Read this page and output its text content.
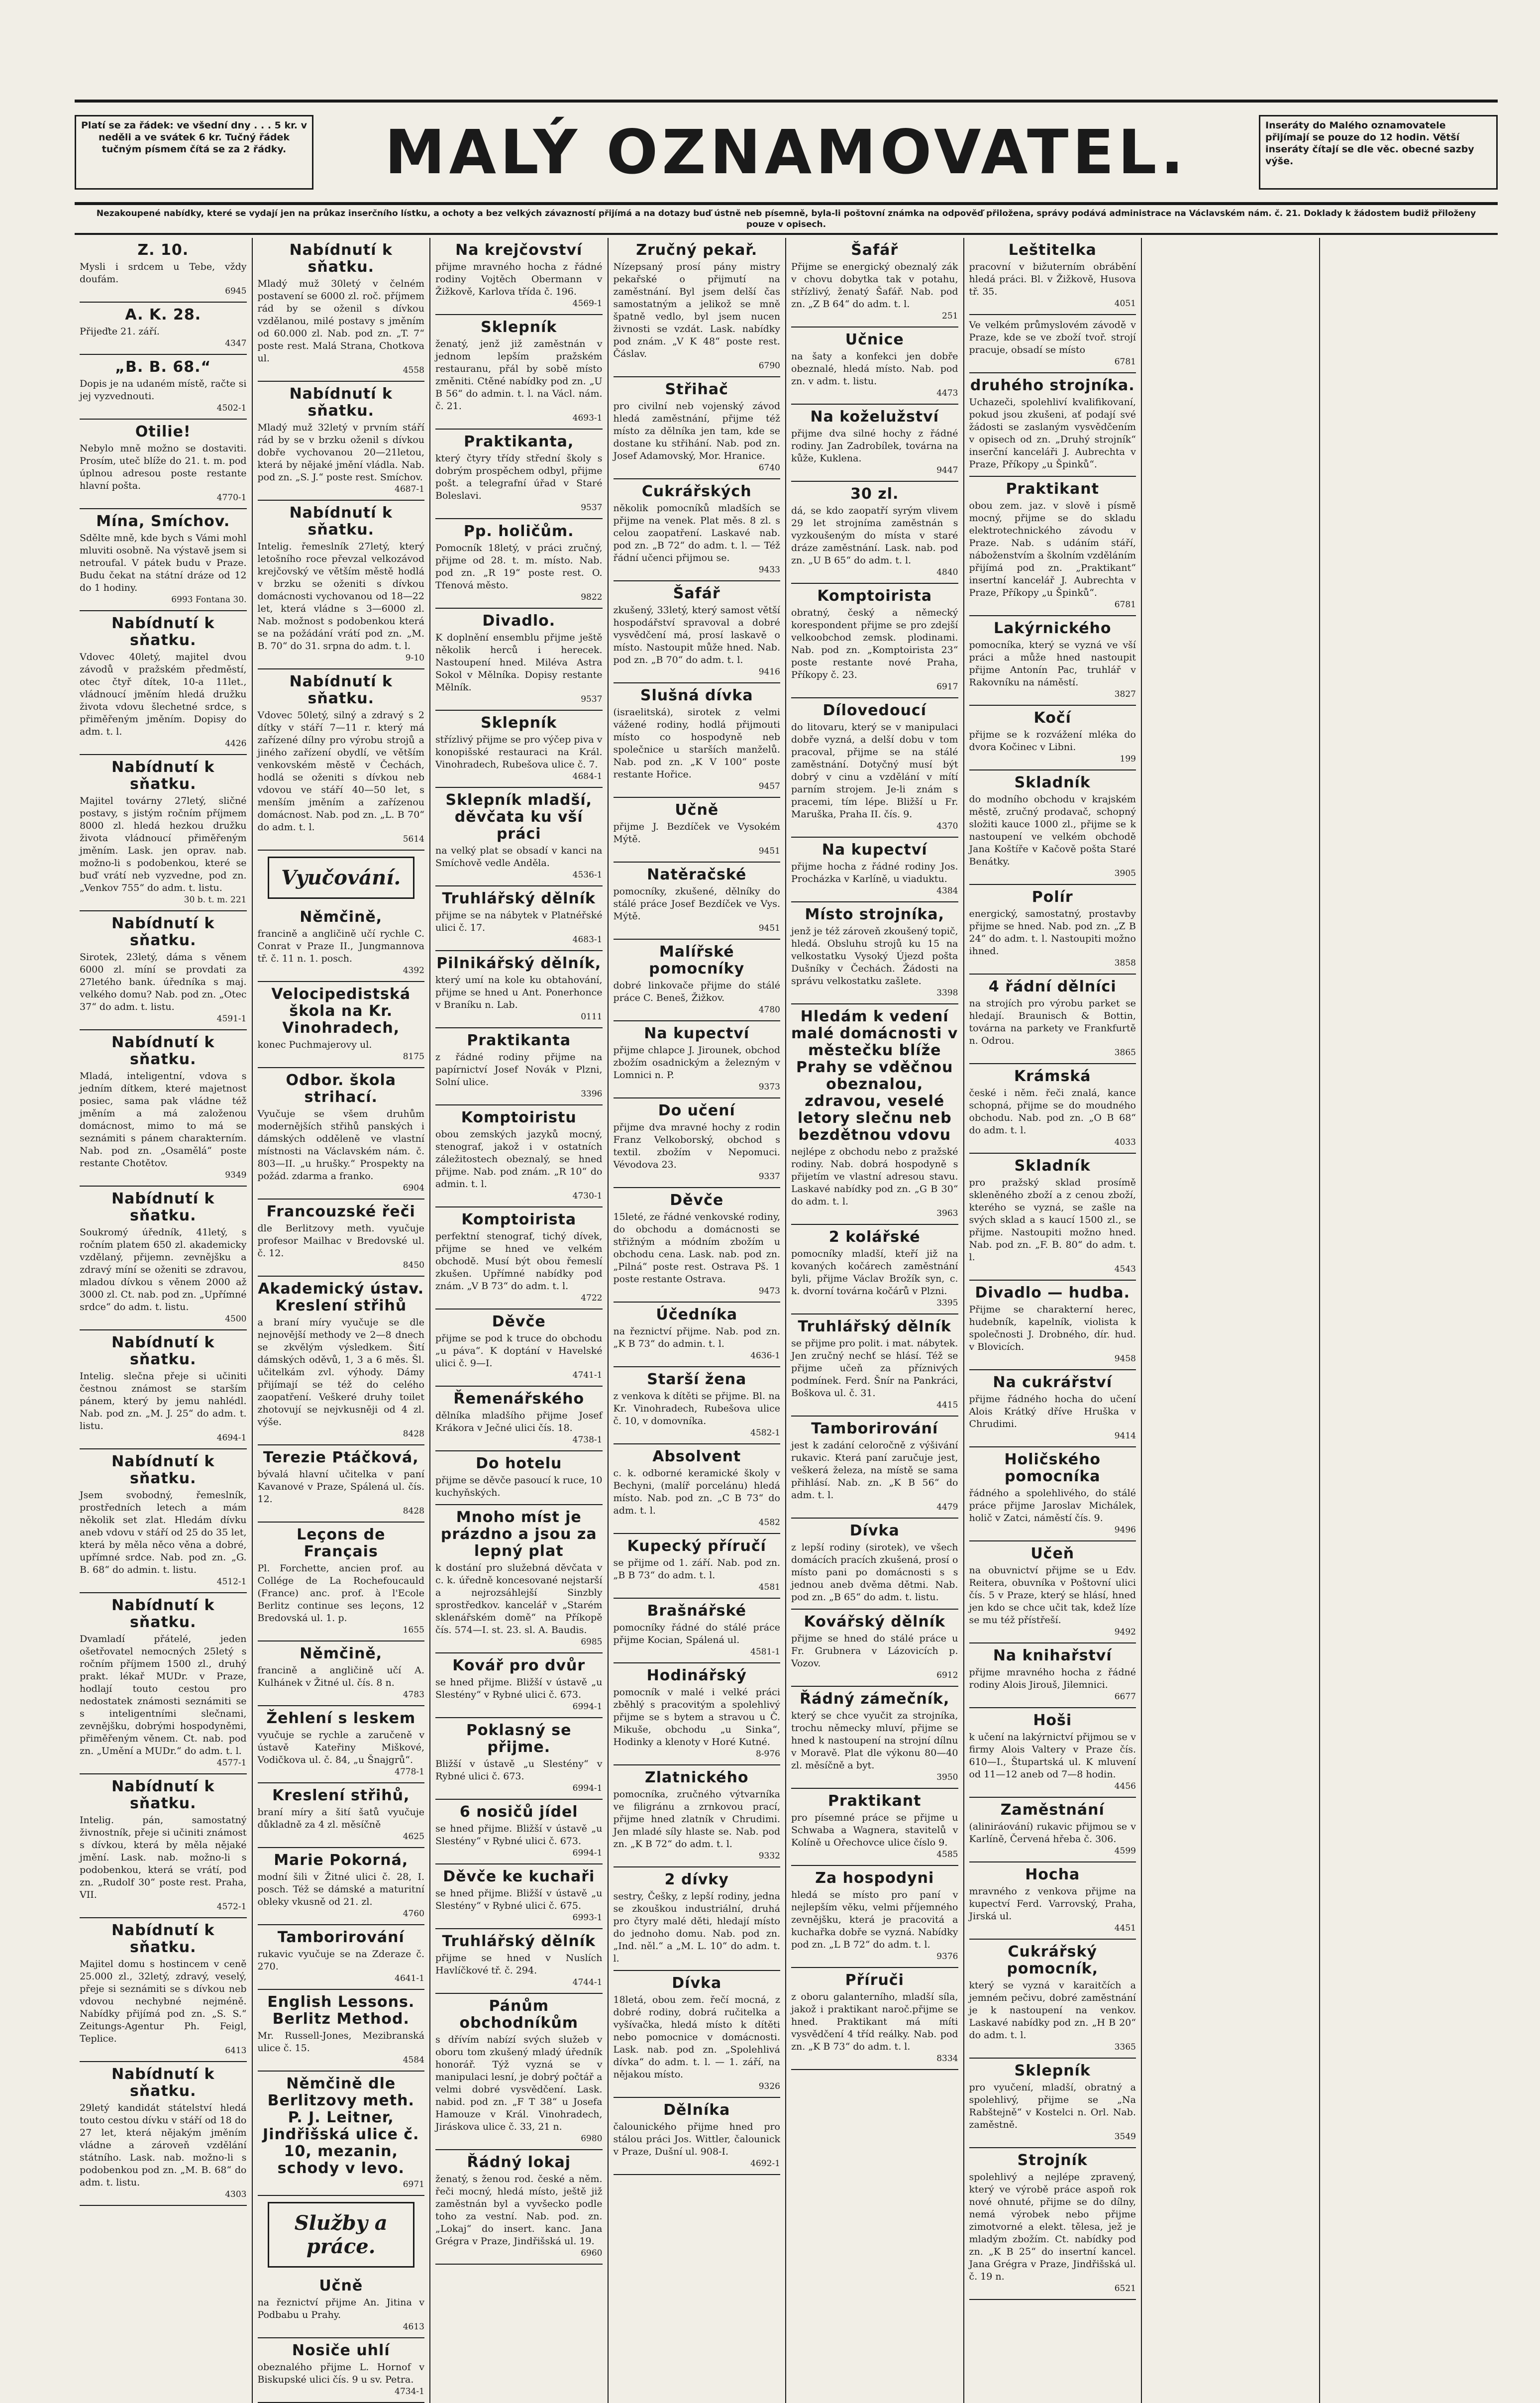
Platí se za řádek: ve všední dny . . . 5 kr. v neděli a ve svátek 6 kr. Tučný řádek tučným písmem čítá se za 2 řádky.	MALÝ OZNAMOVATEL.	Inseráty do Malého oznamovatele přijímají se pouze do 12 hodin. Větší inseráty čítají se dle věc. obecné sazby výše.
Nezakoupené nabídky, které se vydají jen na průkaz inserčního lístku, a ochoty a bez velkých závazností přijímá a na dotazy buď ústně neb písemně, byla-li poštovní známka na odpověď přiložena, správy podává administrace na Václavském nám. č. 21. Doklady k žádostem budiž přiloženy pouze v opisech.
Z. 10.

Mysli i srdcem u Tebe, vždy doufám.

6945
A. K. 28.

Přijeďte 21. září.

4347
„B. B. 68.“

Dopis je na udaném místě, račte si jej vyzvednouti.

4502-1
Otilie!

Nebylo mně možno se dostaviti. Prosím, uteč blíže do 21. t. m. pod úplnou adresou poste restante hlavní pošta.

4770-1
Mína, Smíchov.

Sdělte mně, kde bych s Vámi mohl mluviti osobně. Na výstavě jsem si netroufal. V pátek budu v Praze. Budu čekat na státní dráze od 12 do 1 hodiny.

6993 Fontana 30.
Nabídnutí k sňatku.

Vdovec 40letý, majitel dvou závodů v pražském předměstí, otec čtyř dítek, 10-a 11let., vládnoucí jměním hledá družku života vdovu šlechetné srdce, s přiměřeným jměním. Dopisy do adm. t. l.

4426
Nabídnutí k sňatku.

Majitel továrny 27letý, sličné postavy, s jistým ročním příjmem 8000 zl. hledá hezkou družku života vládnoucí přiměřeným jměním. Lask. jen oprav. nab. možno-li s podobenkou, které se buď vrátí neb vyzvedne, pod zn. „Venkov 755“ do adm. t. listu.

30 b. t. m. 221
Nabídnutí k sňatku.

Sirotek, 23letý, dáma s věnem 6000 zl. míní se provdati za 27letého bank. úředníka s maj. velkého domu? Nab. pod zn. „Otec 37“ do adm. t. listu.

4591-1
Nabídnutí k sňatku.

Mladá, inteligentní, vdova s jedním dítkem, které majetnost posiec, sama pak vládne též jměním a má založenou domácnost, mimo to má se seznámiti s pánem charakterním. Nab. pod zn. „Osamělá“ poste restante Chotětov.

9349
Nabídnutí k sňatku.

Soukromý úředník, 41letý, s ročním platem 650 zl. akademicky vzdělaný, přijemn. zevnějšku a zdravý míní se oženiti se zdravou, mladou dívkou s věnem 2000 až 3000 zl. Ct. nab. pod zn. „Upřímné srdce“ do adm. t. listu.

4500
Nabídnutí k sňatku.

Intelig. slečna přeje si učiniti čestnou známost se starším pánem, který by jemu nahlédl. Nab. pod zn. „M. J. 25“ do adm. t. listu.

4694-1
Nabídnutí k sňatku.

Jsem svobodný, řemeslník, prostředních letech a mám několik set zlat. Hledám dívku aneb vdovu v stáří od 25 do 35 let, která by měla něco věna a dobré, upřímné srdce. Nab. pod zn. „G. B. 68“ do admin. t. listu.

4512-1
Nabídnutí k sňatku.

Dvamladí přátelé, jeden ošetřovatel nemocných 25letý s ročním příjmem 1500 zl., druhý prakt. lékař MUDr. v Praze, hodlají touto cestou pro nedostatek známosti seznámiti se s inteligentními slečnami, zevnějšku, dobrými hospodyněmi, přiměřeným věnem. Ct. nab. pod zn. „Umění a MUDr.“ do adm. t. l.

4577-1
Nabídnutí k sňatku.

Intelig. pán, samostatný živnostník, přeje si učiniti známost s dívkou, která by měla nějaké jmění. Lask. nab. možno-li s podobenkou, která se vrátí, pod zn. „Rudolf 30“ poste rest. Praha, VII.

4572-1
Nabídnutí k sňatku.

Majitel domu s hostincem v ceně 25.000 zl., 32letý, zdravý, veselý, přeje si seznámiti se s dívkou neb vdovou nechybné nejméně. Nabídky přijímá pod zn. „S. S.“ Zeitungs-Agentur Ph. Feigl, Teplice.

6413
Nabídnutí k sňatku.

29letý kandidát státelství hledá touto cestou dívku v stáří od 18 do 27 let, která nějakým jměním vládne a zároveň vzdělání státního. Lask. nab. možno-li s podobenkou pod zn. „M. B. 68“ do adm. t. listu.

4303
Nabídnutí k sňatku.

Mladý muž 30letý v čelném postavení se 6000 zl. roč. příjmem rád by se oženil s dívkou vzdělanou, milé postavy s jměním od 60.000 zl. Nab. pod zn. „T. 7“ poste rest. Malá Strana, Chotkova ul.

4558
Nabídnutí k sňatku.

Mladý muž 32letý v prvním stáří rád by se v brzku oženil s dívkou dobře vychovanou 20—21letou, která by nějaké jmění vládla. Nab. pod zn. „S. J.“ poste rest. Smíchov.

4687-1
Nabídnutí k sňatku.

Intelig. řemeslník 27letý, který letošního roce převzal velkozávod krejčovský ve větším městě hodlá v brzku se oženiti s dívkou domácnosti vychovanou od 18—22 let, která vládne s 3—6000 zl. Nab. možnost s podobenkou která se na požádání vrátí pod zn. „M. B. 70“ do 31. srpna do adm. t. l.

9-10
Nabídnutí k sňatku.

Vdovec 50letý, silný a zdravý s 2 dítky v stáří 7—11 r. který má zařízené dílny pro výrobu strojů a jiného zařízení obydlí, ve větším venkovském městě v Čechách, hodlá se oženiti s dívkou neb vdovou ve stáří 40—50 let, s menším jměním a zařízenou domácnost. Nab. pod zn. „L. B 70“ do adm. t. l.

5614
Vyučování.
Němčině,

francině a angličině učí rychle C. Conrat v Praze II., Jungmannova tř. č. 11 n. 1. posch.

4392
Velocipedistská škola na Kr. Vinohradech,

konec Puchmajerovy ul.

8175
Odbor. škola strihací.

Vyučuje se všem druhům modernějších střihů panských i dámských odděleně ve vlastní místnosti na Václavském nám. č. 803—II. „u hrušky.“ Prospekty na požád. zdarma a franko.

6904
Francouzské řeči

dle Berlitzovy meth. vyučuje profesor Mailhac v Bredovské ul. č. 12.

8450
Akademický ústav. Kreslení střihů

a braní míry vyučuje se dle nejnovější methody ve 2—8 dnech se zkvělým výsledkem. Šití dámských oděvů, 1, 3 a 6 měs. Šl. učitelkám zvl. výhody. Dámy přijímají se též do celého zaopatření. Veškeré druhy toilet zhotovují se nejvkusněji od 4 zl. výše.

8428
Terezie Ptáčková,

bývalá hlavní učitelka v paní Kavanové v Praze, Spálená ul. čís. 12.

8428
Leçons de Français

Pl. Forchette, ancien prof. au Collége de La Rochefoucauld (France) anc. prof. à l'Ecole Berlitz continue ses leçons, 12 Bredovská ul. 1. p.

1655
Němčině,

francině a angličině učí A. Kulhánek v Žitné ul. čís. 8 n.

4783
Žehlení s leskem

vyučuje se rychle a zaručeně v ústavě Kateřiny Miškové, Vodičkova ul. č. 84, „u Šnajgrů“.

4778-1
Kreslení střihů,

braní míry a šití šatů vyučuje důkladně za 4 zl. měsíčně

4625
Marie Pokorná,

modní šili v Žitné ulici č. 28, I. posch. Též se dámské a maturitní obleky vkusně od 21. zl.

4760
Tamborirování

rukavic vyučuje se na Zderaze č. 270.

4641-1
English Lessons. Berlitz Method.

Mr. Russell-Jones, Mezibranská ulice č. 15.

4584
Němčině dle Berlitzovy meth. P. J. Leitner, Jindřišská ulice č. 10, mezanin, schody v levo.
6971
Služby a práce.
Učně

na řeznictví přijme An. Jitina v Podbabu u Prahy.

4613
Nosiče uhlí

obeznalého přijme L. Hornof v Biskupské ulici čís. 9 u sv. Petra.

4734-1
Na krejčovství

přijme mravného hocha z řádné rodiny Vojtěch Obermann v Žižkově, Karlova třída č. 196.

4569-1
Sklepník

ženatý, jenž již zaměstnán v jednom lepším pražském restauranu, přál by sobě místo změniti. Ctěné nabídky pod zn. „U B 56“ do admin. t. l. na Václ. nám. č. 21.

4693-1
Praktikanta,

který čtyry třídy střední školy s dobrým prospěchem odbyl, přijme pošt. a telegrafní úřad v Staré Boleslavi.

9537
Pp. holičům.

Pomocník 18letý, v práci zručný, přijme od 28. t. m. místo. Nab. pod zn. „R 19“ poste rest. O. Tfenová město.

9822
Divadlo.

K doplnění ensemblu přijme ještě několik herců i herecek. Nastoupení hned. Miléva Astra Sokol v Mělníka. Dopisy restante Mělník.

9537
Sklepník

střízlivý přijme se pro výčep piva v konopišské restauraci na Král. Vinohradech, Rubešova ulice č. 7.

4684-1
Sklepník mladší, děvčata ku vší práci

na velký plat se obsadí v kanci na Smíchově vedle Anděla.

4536-1
Truhlářský dělník

přijme se na nábytek v Platnéřské ulici č. 17.

4683-1
Pilnikářský dělník,

který umí na kole ku obtahování, přijme se hned u Ant. Ponerhonce v Braníku n. Lab.

0111
Praktikanta

z řádné rodiny přijme na papírnictví Josef Novák v Plzni, Solní ulice.

3396
Komptoiristu

obou zemských jazyků mocný, stenograf, jakož i v ostatních záležitostech obeznalý, se hned přijme. Nab. pod znám. „R 10“ do admin. t. l.

4730-1
Komptoirista

perfektní stenograf, tichý dívek, přijme se hned ve velkém obchodě. Musí být obou řemeslí zkušen. Upřímné nabídky pod znám. „V B 73“ do adm. t. l.

4722
Děvče

přijme se pod k truce do obchodu „u páva“. K doptání v Havelské ulici č. 9—I.

4741-1
Řemenářského

dělníka mladšího přijme Josef Krákora v Ječné ulici čís. 18.

4738-1
Do hotelu

přijme se děvče pasoucí k ruce, 10 kuchyňských.

Mnoho míst je prázdno a jsou za lepný plat

k dostání pro služebná děvčata v c. k. úředně koncesované nejstarší a nejrozsáhlejší Sinzbly sprostředkov. kancelář v „Starém sklenářském domě“ na Příkopě čís. 574—I. st. 23. sl. A. Baudis.

6985
Kovář pro dvůr

se hned přijme. Bližší v ústavě „u Slestény“ v Rybné ulici č. 673.

6994-1
Poklasný se přijme.

Bližší v ústavě „u Slestény“ v Rybné ulici č. 673.

6994-1
6 nosičů jídel

se hned přijme. Bližší v ústavě „u Slestény“ v Rybné ulici č. 673.

6994-1
Děvče ke kuchaři

se hned přijme. Bližší v ústavě „u Slestény“ v Rybné ulici č. 675.

6993-1
Truhlářský dělník

přijme se hned v Nuslích Havlíčkové tř. č. 294.

4744-1
Pánům obchodníkům

s dřívím nabízí svých služeb v oboru tom zkušený mladý úředník honorář. Týž vyzná se v manipulaci lesní, je dobrý počtář a velmi dobré vysvědčení. Lask. nabid. pod zn. „F T 38“ u Josefa Hamouze v Král. Vinohradech, Jiráskova ulice č. 33, 21 n.

6980
Řádný lokaj

ženatý, s ženou rod. české a něm. řeči mocný, hledá místo, ještě již zaměstnán byl a vyvšecko podle toho za vestní. Nab. pod. zn. „Lokaj“ do insert. kanc. Jana Grégra v Praze, Jindřišská ul. 19.

6960
Zručný pekař.

Nízepsaný prosí pány mistry pekařské o přijmutí na zaměstnání. Byl jsem delší čas samostatným a jelikož se mně špatně vedlo, byl jsem nucen živnosti se vzdát. Lask. nabídky pod znám. „V K 48“ poste rest. Čáslav.

6790
Střihač

pro civilní neb vojenský závod hledá zaměstnání, přijme též místo za dělníka jen tam, kde se dostane ku střihání. Nab. pod zn. Josef Adamovský, Mor. Hranice.

6740
Cukrářských

několik pomocníků mladších se přijme na venek. Plat měs. 8 zl. s celou zaopatření. Laskavé nab. pod zn. „B 72“ do adm. t. l. — Též řádní učenci přijmou se.

9433
Šafář

zkušený, 33letý, který samost větší hospodářství spravoval a dobré vysvědčení má, prosí laskavě o místo. Nastoupit může hned. Nab. pod zn. „B 70“ do adm. t. l.

9416
Slušná dívka

(israelitská), sirotek z velmi vážené rodiny, hodlá přijmouti místo co hospodyně neb společnice u starších manželů. Nab. pod zn. „K V 100“ poste restante Hořice.

9457
Učně

přijme J. Bezdíček ve Vysokém Mýtě.

9451
Natěračské

pomocníky, zkušené, dělníky do stálé práce Josef Bezdíček ve Vys. Mýtě.

9451
Malířské pomocníky

dobré linkovače přijme do stálé práce C. Beneš, Žižkov.

4780
Na kupectví

přijme chlapce J. Jirounek, obchod zbožím osadnickým a železným v Lomnici n. P.

9373
Do učení

přijme dva mravné hochy z rodin Franz Velkoborský, obchod s textil. zbožím v Nepomuci. Vévodova 23.

9337
Děvče

15leté, ze řádné venkovské rodiny, do obchodu a domácnosti se střižným a módním zbožím u obchodu cena. Lask. nab. pod zn. „Pilná“ poste rest. Ostrava Pš. 1 poste restante Ostrava.

9473
Účedníka

na řeznictví přijme. Nab. pod zn. „K B 73“ do admin. t. l.

4636-1
Starší žena

z venkova k dítěti se přijme. Bl. na Kr. Vinohradech, Rubešova ulice č. 10, v domovníka.

4582-1
Absolvent

c. k. odborné keramické školy v Bechyni, (malíř porcelánu) hledá místo. Nab. pod zn. „C B 73“ do adm. t. l.

4582
Kupecký příručí

se přijme od 1. září. Nab. pod zn. „B B 73“ do adm. t. l.

4581
Brašnářské

pomocníky řádné do stálé práce přijme Kocian, Spálená ul.

4581-1
Hodinářský

pomocník v malé i velké práci zběhlý s pracovitým a spolehlivý přijme se s bytem a stravou u Č. Mikuše, obchodu „u Sinka“, Hodinky a klenoty v Horé Kutné.

8-976
Zlatnického

pomocníka, zručného výtvarníka ve filigránu a zrnkovou prací, přijme hned zlatník v Chrudimi. Jen mladé síly hlaste se. Nab. pod zn. „K B 72“ do adm. t. l.

9332
2 dívky

sestry, Češky, z lepší rodiny, jedna se zkouškou industriální, druhá pro čtyry malé děti, hledají místo do jednoho domu. Nab. pod zn. „Ind. něl.“ a „M. L. 10“ do adm. t. l.

Dívka

18letá, obou zem. řečí mocná, z dobré rodiny, dobrá ručitelka a vyšívačka, hledá místo k dítěti nebo pomocnice v domácnosti. Lask. nab. pod zn. „Spolehlivá dívka“ do adm. t. l. — 1. září, na nějakou místo.

9326
Dělníka

čalounického přijme hned pro stálou práci Jos. Wittler, čalounick v Praze, Dušní ul. 908-I.

4692-1
Šafář

Přijme se energický obeznalý zák v chovu dobytka tak v potahu, střízlivý, ženatý Šafář. Nab. pod zn. „Z B 64“ do adm. t. l.

251
Učnice

na šaty a konfekci jen dobře obeznalé, hledá místo. Nab. pod zn. v adm. t. listu.

4473
Na koželužství

přijme dva silné hochy z řádné rodiny. Jan Zadrobílek, továrna na kůže, Kuklena.

9447
30 zl.

dá, se kdo zaopatří syrým vlivem 29 let strojníma zaměstnán s vyzkoušeným do místa v staré dráze zaměstnání. Lask. nab. pod zn. „U B 65“ do adm. t. l.

4840
Komptoirista

obratný, český a německý korespondent přijme se pro zdejší velkoobchod zemsk. plodinami. Nab. pod zn. „Komptoirista 23“ poste restante nové Praha, Příkopy č. 23.

6917
Dílovedoucí

do litovaru, který se v manipulaci dobře vyzná, a delší dobu v tom pracoval, přijme se na stálé zaměstnání. Dotyčný musí být dobrý v cinu a vzdělání v mítí parním strojem. Je-li znám s pracemi, tím lépe. Bližší u Fr. Maruška, Praha II. čís. 9.

4370
Na kupectví

přijme hocha z řádné rodiny Jos. Procházka v Karlíně, u viaduktu.

4384
Místo strojníka,

jenž je též zároveň zkoušený topič, hledá. Obsluhu strojů ku 15 na velkostatku Vysoký Újezd pošta Dušníky v Čechách. Žádosti na správu velkostatku zašlete.

3398
Hledám k vedení malé domácnosti v městečku blíže Prahy se vděčnou obeznalou, zdravou, veselé letory slečnu neb bezdětnou vdovu

nejlépe z obchodu nebo z pražské rodiny. Nab. dobrá hospodyně s přijetím ve vlastní adresou stavu. Laskavé nabídky pod zn. „G B 30“ do adm. t. l.

3963
2 kolářské

pomocníky mladší, kteří již na kovaných kočárech zaměstnání byli, přijme Václav Brožík syn, c. k. dvorní továrna kočárů v Plzni.

3395
Truhlářský dělník

se přijme pro polit. i mat. nábytek. Jen zručný nechť se hlásí. Též se přijme učeň za příznivých podmínek. Ferd. Šnír na Pankráci, Boškova ul. č. 31.

4415
Tamborirování

jest k zadání celoročně z výšivání rukavic. Která paní zaručuje jest, veškerá železa, na místě se sama přihlásí. Nab. zn. „K B 56“ do adm. t. l.

4479
Dívka

z lepší rodiny (sirotek), ve všech domácích pracích zkušená, prosí o místo pani po domácnosti s s jednou aneb dvěma dětmi. Nab. pod zn. „B 65“ do adm. t. listu.

Kovářský dělník

přijme se hned do stálé práce u Fr. Grubnera v Lázovicích p. Vozov.

6912
Řádný zámečník,

který se chce vyučit za strojníka, trochu německy mluví, přijme se hned k nastoupení na strojní dílnu v Moravě. Plat dle výkonu 80—40 zl. měsíčně a byt.

3950
Praktikant

pro písemné práce se přijme u Schwaba a Wagnera, stavitelů v Kolíně u Ořechovce ulice číslo 9.

4585
Za hospodyni

hledá se místo pro paní v nejlepším věku, velmi příjemného zevnějšku, která je pracovitá a kuchařka dobře se vyzná. Nabídky pod zn. „L B 72“ do adm. t. l.

9376
Příruči

z oboru galanterního, mladší síla, jakož i praktikant naroč.přijme se hned. Praktikant má míti vysvědčení 4 tříd reálky. Nab. pod zn. „K B 73“ do adm. t. l.

8334
Leštitelka

pracovní v bižuterním obrábění hledá práci. Bl. v Žižkově, Husova tř. 35.

4051

Ve velkém průmyslovém závodě v Praze, kde se ve zboží tvoř. strojí pracuje, obsadí se místo

6781
druhého strojníka.

Uchazeči, spolehliví kvalifikovaní, pokud jsou zkušeni, ať podají své žádosti se zaslaným vysvědčením v opisech od zn. „Druhý strojník“ inserční kanceláři J. Aubrechta v Praze, Příkopy „u Špinků“.

Praktikant

obou zem. jaz. v slově i písmě mocný, přijme se do skladu elektrotechnického závodu v Praze. Nab. s udáním stáří, náboženstvím a školním vzděláním přijímá pod zn. „Praktikant“ insertní kancelář J. Aubrechta v Praze, Příkopy „u Špinků“.

6781
Lakýrnického

pomocníka, který se vyzná ve vší práci a může hned nastoupit přijme Antonín Pac, truhlář v Rakovníku na náměstí.

3827
Kočí

přijme se k rozvážení mléka do dvora Kočinec v Libni.

199
Skladník

do modního obchodu v krajském městě, zručný prodavač, schopný složiti kauce 1000 zl., přijme se k nastoupení ve velkém obchodě Jana Koštíře v Kačově pošta Staré Benátky.

3905
Polír

energický, samostatný, prostavby přijme se hned. Nab. pod zn. „Z B 24“ do adm. t. l. Nastoupiti možno ihned.

3858
4 řádní dělníci

na strojích pro výrobu parket se hledají. Braunisch & Bottin, továrna na parkety ve Frankfurtě n. Odrou.

3865
Krámská

české i něm. řeči znalá, kance schopná, přijme se do moudného obchodu. Nab. pod zn. „O B 68“ do adm. t. l.

4033
Skladník

pro pražský sklad prosímě skleněného zboží a z cenou zboží, kterého se vyzná, se zašle na svých sklad a s kaucí 1500 zl., se přijme. Nastoupiti možno hned. Nab. pod zn. „F. B. 80“ do adm. t. l.

4543
Divadlo — hudba.

Přijme se charakterní herec, hudebník, kapelník, violista k společnosti J. Drobného, dír. hud. v Blovicích.

9458
Na cukrářství

přijme řádného hocha do učení Alois Krátký dříve Hruška v Chrudimi.

9414
Holičského pomocníka

řádného a spolehlivého, do stálé práce přijme Jaroslav Michálek, holič v Zatci, náměstí čís. 9.

9496
Učeň

na obuvnictví přijme se u Edv. Reitera, obuvníka v Poštovní ulici čís. 5 v Praze, který se hlásí, hned jen kdo se chce učit tak, kdež líze se mu též přístřeší.

9492
Na knihařství

přijme mravného hocha z řádné rodiny Alois Jirouš, Jilemnici.

6677
Hoši

k učení na lakýrnictví přijmou se v firmy Alois Valtery v Praze čís. 610—I., Štupartská ul. K mluvení od 11—12 aneb od 7—8 hodin.

4456
Zaměstnání

(aliniráování) rukavic přijmou se v Karlíně, Červená hřeba č. 306.

4599
Hocha

mravného z venkova přijme na kupectví Ferd. Varrovský, Praha, Jirská ul.

4451
Cukrářský pomocník,

který se vyzná v karaitčích a jemném pečivu, dobré zaměstnání je k nastoupení na venkov. Laskavé nabídky pod zn. „H B 20“ do adm. t. l.

3365
Sklepník

pro vyučení, mladší, obratný a spolehlivý, přijme se „Na Rabštejně“ v Kostelci n. Orl. Nab. zaměstně.

3549
Strojník

spolehlivý a nejlépe zpravený, který ve výrobě práce aspoň rok nové ohnuté, přijme se do dílny, nemá výrobek nebo přijme zimotvorné a elekt. tělesa, jež je mladým zbožím. Ct. nabídky pod zn. „K B 25“ do insertní kancel. Jana Grégra v Praze, Jindřišská ul. č. 19 n.

6521
